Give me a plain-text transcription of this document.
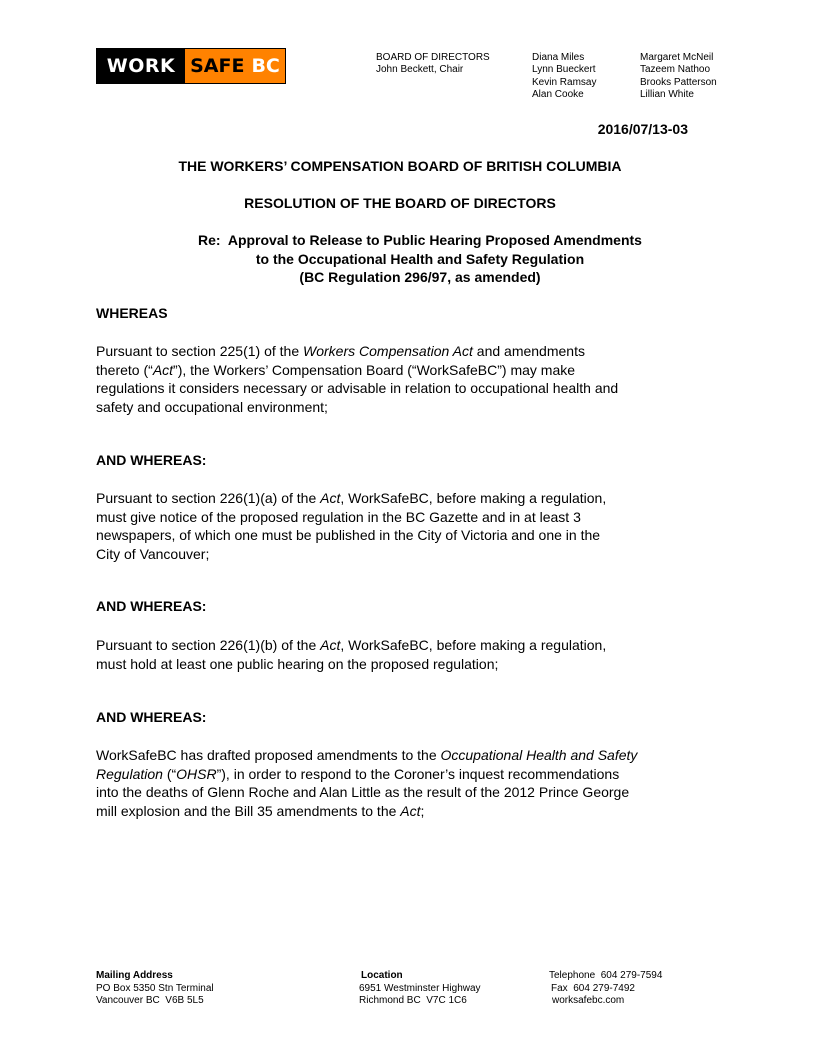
WORK SAFE BC	BOARD OF DIRECTORS
John Beckett, Chair
Diana Miles
Lynn Bueckert
Kevin Ramsay
Alan Cooke
Margaret McNeil
Tazeem Nathoo
Brooks Patterson
Lillian White
2016/07/13-03
THE WORKERS’ COMPENSATION BOARD OF BRITISH COLUMBIA
RESOLUTION OF THE BOARD OF DIRECTORS
Re:  Approval to Release to Public Hearing Proposed Amendments
to the Occupational Health and Safety Regulation
(BC Regulation 296/97, as amended)
WHEREAS
Pursuant to section 225(1) of the Workers Compensation Act and amendments
thereto (“Act”), the Workers’ Compensation Board (“WorkSafeBC”) may make
regulations it considers necessary or advisable in relation to occupational health and
safety and occupational environment;
AND WHEREAS:
Pursuant to section 226(1)(a) of the Act, WorkSafeBC, before making a regulation,
must give notice of the proposed regulation in the BC Gazette and in at least 3
newspapers, of which one must be published in the City of Victoria and one in the
City of Vancouver;
AND WHEREAS:
Pursuant to section 226(1)(b) of the Act, WorkSafeBC, before making a regulation,
must hold at least one public hearing on the proposed regulation;
AND WHEREAS:
WorkSafeBC has drafted proposed amendments to the Occupational Health and Safety
Regulation (“OHSR”), in order to respond to the Coroner’s inquest recommendations
into the deaths of Glenn Roche and Alan Little as the result of the 2012 Prince George
mill explosion and the Bill 35 amendments to the Act;
Mailing Address
PO Box 5350 Stn Terminal
Vancouver BC  V6B 5L5
Location
6951 Westminster Highway
Richmond BC  V7C 1C6
Telephone  604 279-7594
Fax  604 279-7492
worksafebc.com
